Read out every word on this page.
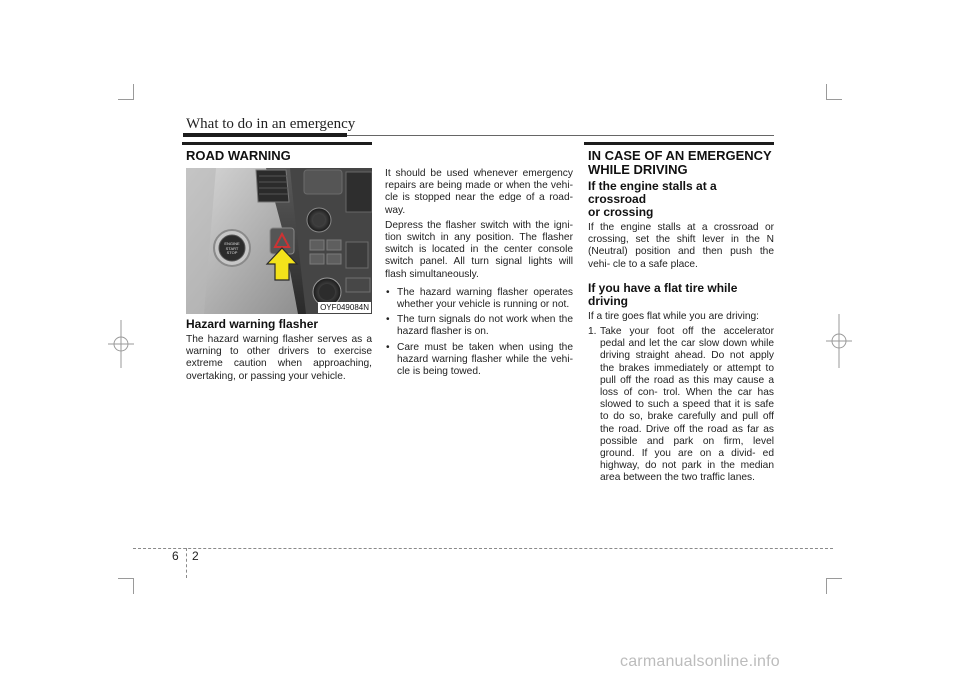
What to do in an emergency
ROAD WARNING
ENGINE
START
STOP
OYF049084N
Hazard warning flasher

The hazard warning flasher serves as a warning to other drivers to exercise extreme caution when approaching, overtaking, or passing your vehicle.

It should be used whenever emergency repairs are being made or when the vehi- cle is stopped near the edge of a road- way.

Depress the flasher switch with the igni- tion switch in any position. The flasher switch is located in the center console switch panel. All turn signal lights will flash simultaneously.

• The hazard warning flasher operates whether your vehicle is running or not.
• The turn signals do not work when the hazard flasher is on.
• Care must be taken when using the hazard warning flasher while the vehi- cle is being towed.
IN CASE OF AN EMERGENCY
WHILE DRIVING
If the engine stalls at a crossroad
or crossing

If the engine stalls at a crossroad or crossing, set the shift lever in the N (Neutral) position and then push the vehi- cle to a safe place.

If you have a flat tire while driving

If a tire goes flat while you are driving:

1. Take your foot off the accelerator pedal and let the car slow down while driving straight ahead. Do not apply the brakes immediately or attempt to pull off the road as this may cause a loss of con- trol. When the car has slowed to such a speed that it is safe to do so, brake carefully and pull off the road. Drive off the road as far as possible and park on firm, level ground. If you are on a divid- ed highway, do not park in the median area between the two traffic lanes.
6 2
carmanualsonline.info
